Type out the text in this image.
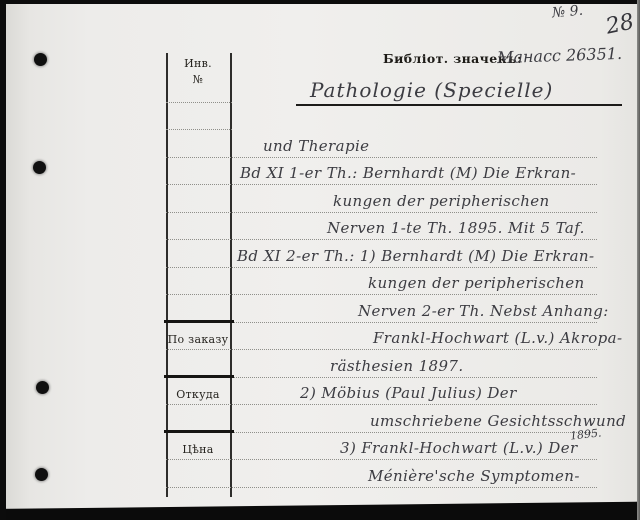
№ 9. 28
Библіот. значекъ:
Манасс 26351.
Pathologie (Specielle)
Инв.
№
По заказу
Откуда
Цѣна
und Therapie
Bd XI 1-er Th.: Bernhardt (M) Die Erkran-
kungen der peripherischen
Nerven 1-te Th. 1895. Mit 5 Taf.
Bd XI 2-er Th.: 1) Bernhardt (M) Die Erkran-
kungen der peripherischen
Nerven 2-er Th. Nebst Anhang:
Frankl-Hochwart (L.v.) Akropa-
rästhesien 1897.
2) Möbius (Paul Julius) Der
umschriebene Gesichtsschwund
3) Frankl-Hochwart (L.v.) Der
1895.
Ménière'sche Symptomen-
